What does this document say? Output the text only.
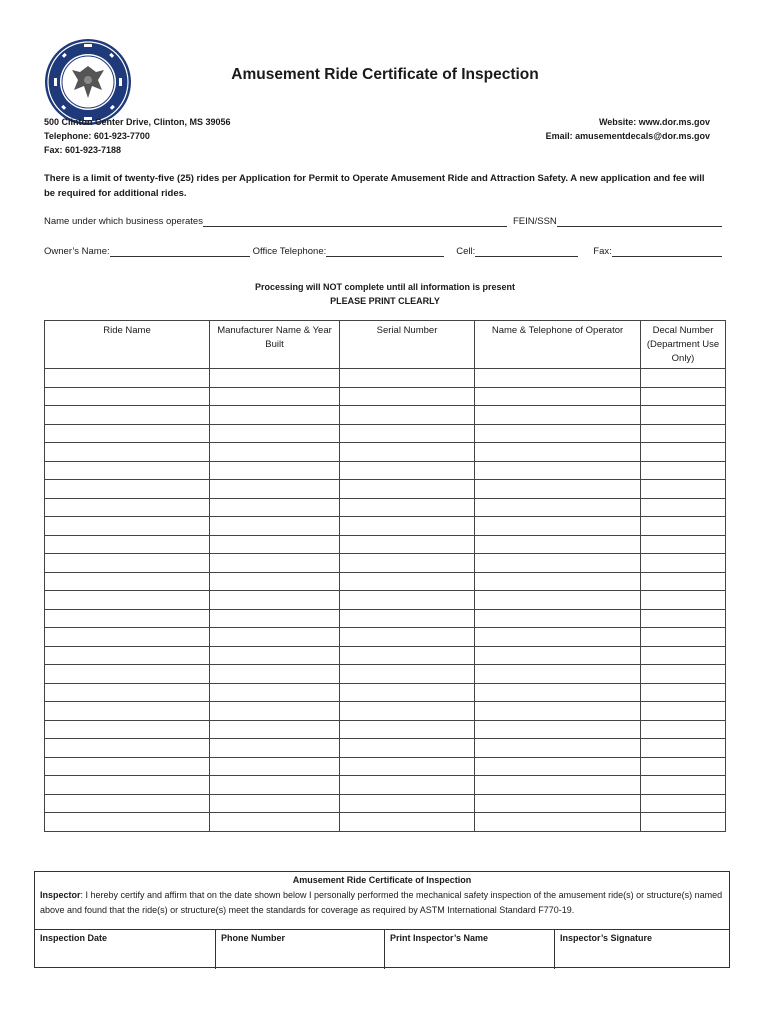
Amusement Ride Certificate of Inspection
500 Clinton Center Drive, Clinton, MS 39056
Telephone: 601-923-7700
Fax: 601-923-7188
Website: www.dor.ms.gov
Email: amusementdecals@dor.ms.gov
There is a limit of twenty-five (25) rides per Application for Permit to Operate Amusement Ride and Attraction Safety. A new application and fee will be required for additional rides.
Name under which business operates	FEIN/SSN
Owner’s Name:	Office Telephone:	Cell:	Fax:
Processing will NOT complete until all information is present
PLEASE PRINT CLEARLY
Ride Name	Manufacturer Name & Year Built	Serial Number	Name & Telephone of Operator	Decal Number (Department Use Only)

Amusement Ride Certificate of Inspection
Inspector: I hereby certify and affirm that on the date shown below I personally performed the mechanical safety inspection of the amusement ride(s) or structure(s) named above and found that the ride(s) or structure(s) meet the standards for coverage as required by ASTM International Standard F770-19.
Inspection Date	Phone Number	Print Inspector’s Name	Inspector’s Signature
